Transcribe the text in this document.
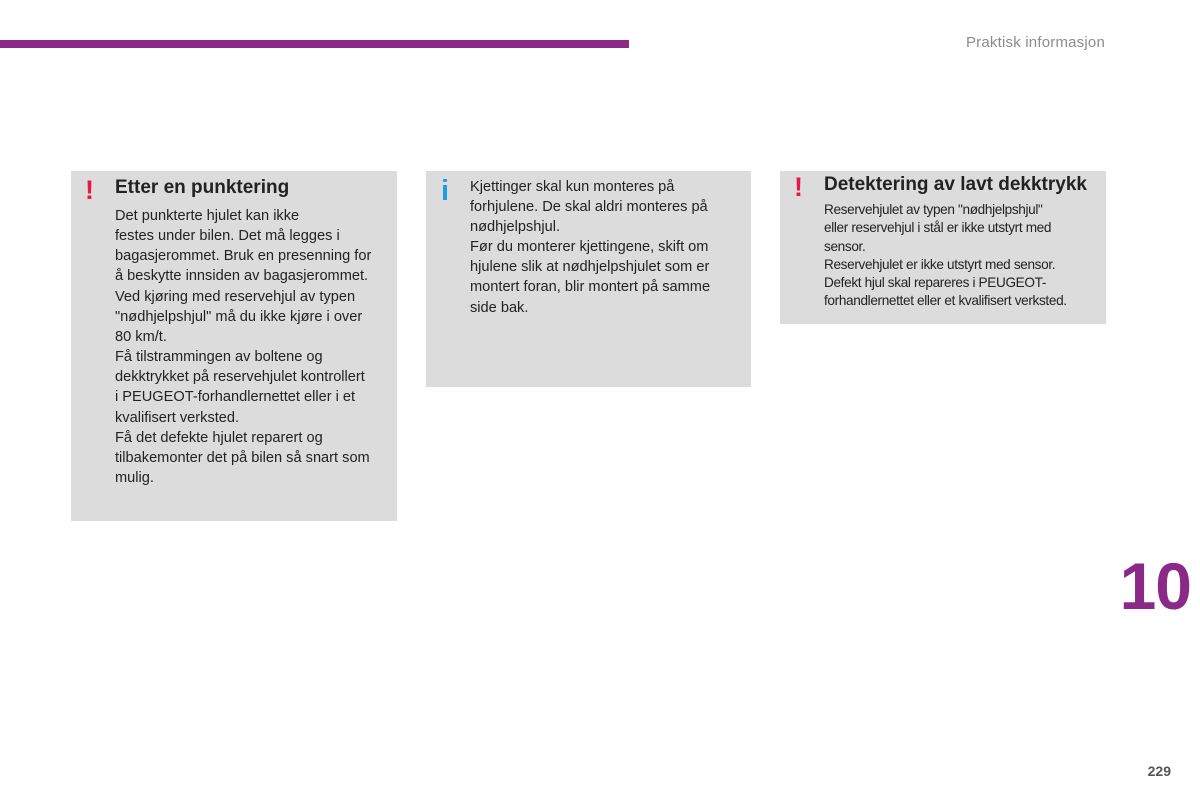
Praktisk informasjon
! Etter en punktering
Det punkterte hjulet kan ikke
festes under bilen. Det må legges i
bagasjerommet. Bruk en presenning for
å beskytte innsiden av bagasjerommet.
Ved kjøring med reservehjul av typen
"nødhjelpshjul" må du ikke kjøre i over
80 km/t.
Få tilstrammingen av boltene og
dekktrykket på reservehjulet kontrollert
i PEUGEOT-forhandlernettet eller i et
kvalifisert verksted.
Få det defekte hjulet reparert og
tilbakemonter det på bilen så snart som
mulig.
i Kjettinger skal kun monteres på
forhjulene. De skal aldri monteres på
nødhjelpshjul.
Før du monterer kjettingene, skift om
hjulene slik at nødhjelpshjulet som er
montert foran, blir montert på samme
side bak.
! Detektering av lavt dekktrykk
Reservehjulet av typen "nødhjelpshjul"
eller reservehjul i stål er ikke utstyrt med
sensor.
Reservehjulet er ikke utstyrt med sensor.
Defekt hjul skal repareres i PEUGEOT-
forhandlernettet eller et kvalifisert verksted.
10
229
